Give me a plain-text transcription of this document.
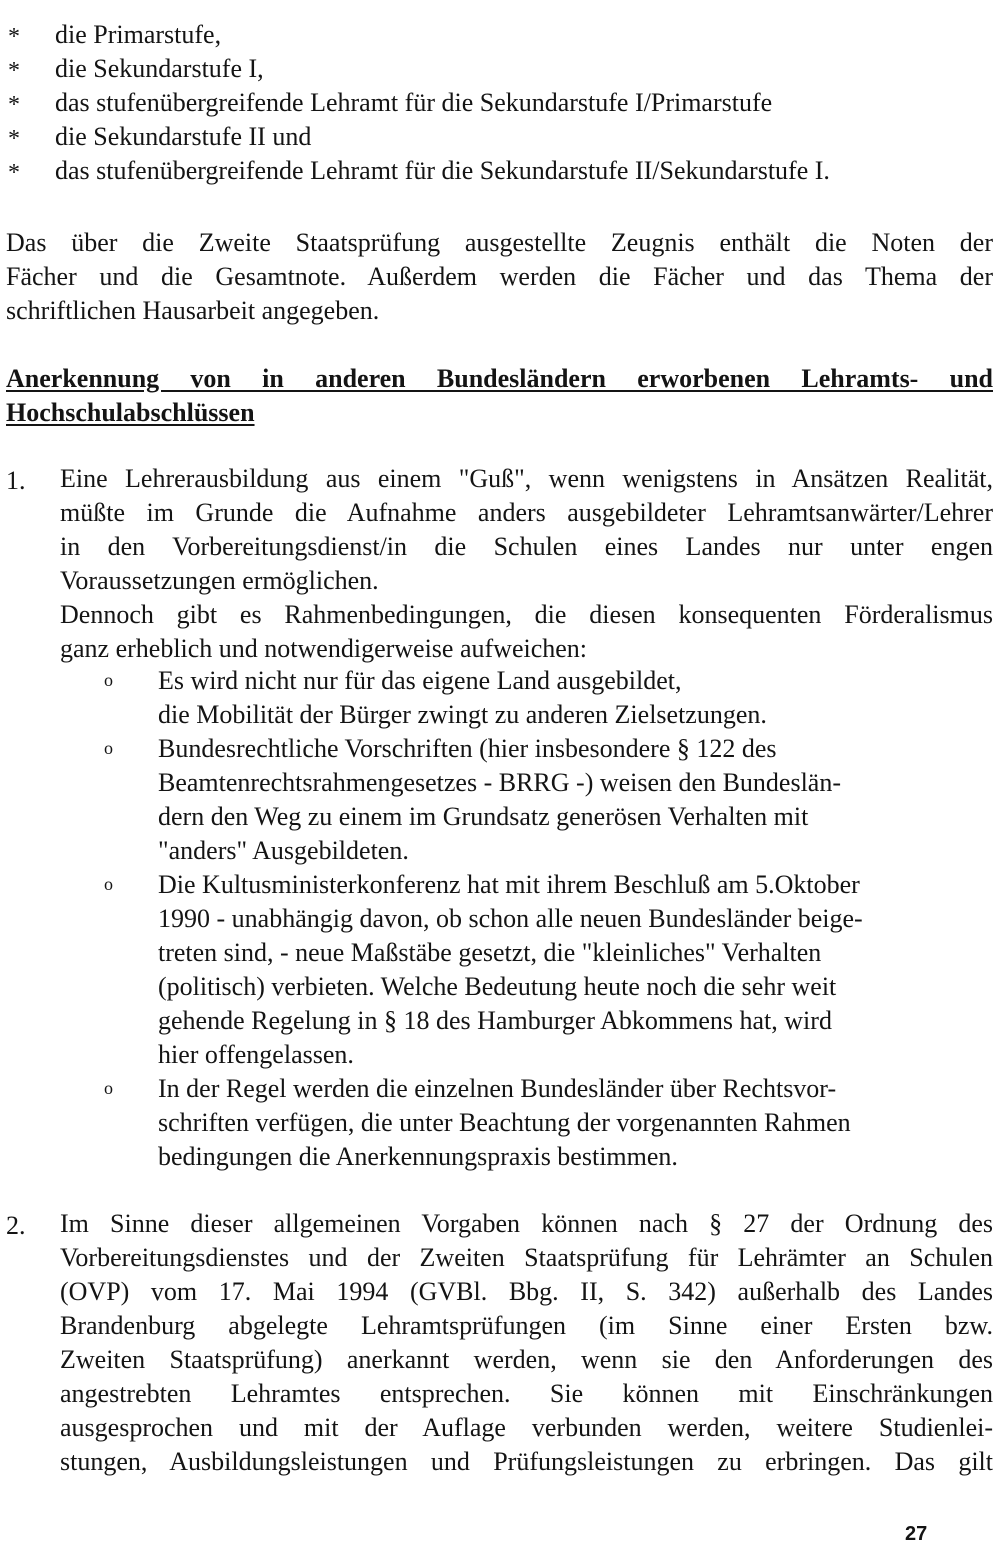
* die Primarstufe,
* die Sekundarstufe I,
* das stufenübergreifende Lehramt für die Sekundarstufe I/Primarstufe
* die Sekundarstufe II und
* das stufenübergreifende Lehramt für die Sekundarstufe II/Sekundarstufe I.
Das über die Zweite Staatsprüfung ausgestellte Zeugnis enthält die Noten der
Fächer und die Gesamtnote. Außerdem werden die Fächer und das Thema der
schriftlichen Hausarbeit angegeben.
Anerkennung von in anderen Bundesländern erworbenen Lehramts- und
Hochschulabschlüssen
1. Eine Lehrerausbildung aus einem "Guß", wenn wenigstens in Ansätzen Realität,
müßte im Grunde die Aufnahme anders ausgebildeter Lehramtsanwärter/Lehrer
in den Vorbereitungsdienst/in die Schulen eines Landes nur unter engen
Voraussetzungen ermöglichen.
Dennoch gibt es Rahmenbedingungen, die diesen konsequenten Förderalismus
ganz erheblich und notwendigerweise aufweichen:
o Es wird nicht nur für das eigene Land ausgebildet,
die Mobilität der Bürger zwingt zu anderen Zielsetzungen.
o Bundesrechtliche Vorschriften (hier insbesondere § 122 des
Beamtenrechtsrahmengesetzes - BRRG -) weisen den Bundeslän-
dern den Weg zu einem im Grundsatz generösen Verhalten mit
"anders" Ausgebildeten.
o Die Kultusministerkonferenz hat mit ihrem Beschluß am 5.Oktober
1990 - unabhängig davon, ob schon alle neuen Bundesländer beige-
treten sind, - neue Maßstäbe gesetzt, die "kleinliches" Verhalten
(politisch) verbieten. Welche Bedeutung heute noch die sehr weit
gehende Regelung in § 18 des Hamburger Abkommens hat, wird
hier offengelassen.
o In der Regel werden die einzelnen Bundesländer über Rechtsvor-
schriften verfügen, die unter Beachtung der vorgenannten Rahmen
bedingungen die Anerkennungspraxis bestimmen.
2. Im Sinne dieser allgemeinen Vorgaben können nach § 27 der Ordnung des
Vorbereitungsdienstes und der Zweiten Staatsprüfung für Lehrämter an Schulen
(OVP) vom 17. Mai 1994 (GVBl. Bbg. II, S. 342) außerhalb des Landes
Brandenburg abgelegte Lehramtsprüfungen (im Sinne einer Ersten bzw.
Zweiten Staatsprüfung) anerkannt werden, wenn sie den Anforderungen des
angestrebten Lehramtes entsprechen. Sie können mit Einschränkungen
ausgesprochen und mit der Auflage verbunden werden, weitere Studienlei-
stungen, Ausbildungsleistungen und Prüfungsleistungen zu erbringen. Das gilt
27
